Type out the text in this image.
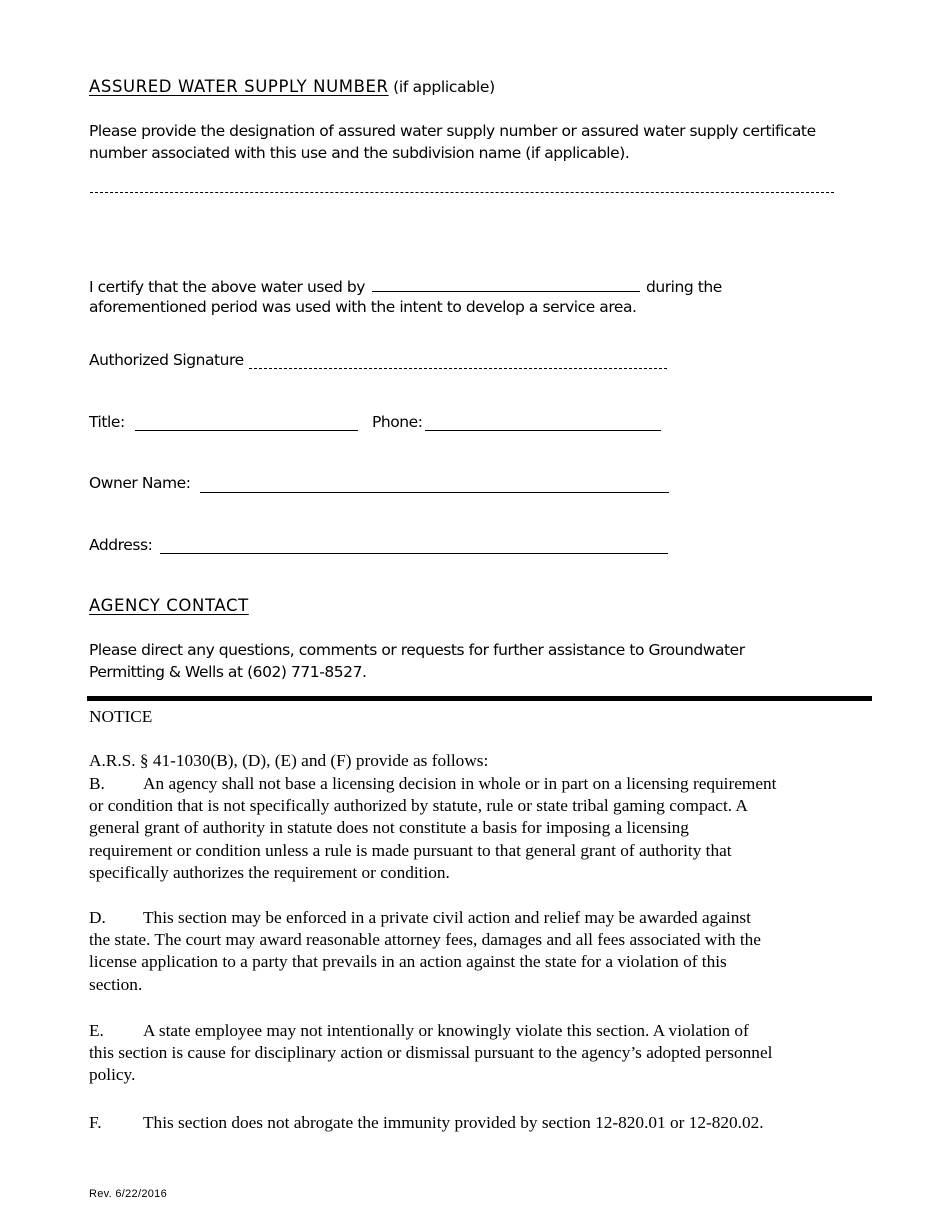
ASSURED WATER SUPPLY NUMBER (if applicable)
Please provide the designation of assured water supply number or assured water supply certificate
number associated with this use and the subdivision name (if applicable).
I certify that the above water used by	during the
aforementioned period was used with the intent to develop a service area.
Authorized Signature
Title:	Phone:
Owner Name:
Address:
AGENCY CONTACT
Please direct any questions, comments or requests for further assistance to Groundwater
Permitting & Wells at (602) 771-8527.
NOTICE
A.R.S. § 41-1030(B), (D), (E) and (F) provide as follows:
B. An agency shall not base a licensing decision in whole or in part on a licensing requirement
or condition that is not specifically authorized by statute, rule or state tribal gaming compact. A
general grant of authority in statute does not constitute a basis for imposing a licensing
requirement or condition unless a rule is made pursuant to that general grant of authority that
specifically authorizes the requirement or condition.
D. This section may be enforced in a private civil action and relief may be awarded against
the state. The court may award reasonable attorney fees, damages and all fees associated with the
license application to a party that prevails in an action against the state for a violation of this
section.
E. A state employee may not intentionally or knowingly violate this section. A violation of
this section is cause for disciplinary action or dismissal pursuant to the agency’s adopted personnel
policy.
F. This section does not abrogate the immunity provided by section 12-820.01 or 12-820.02.
Rev. 6/22/2016
